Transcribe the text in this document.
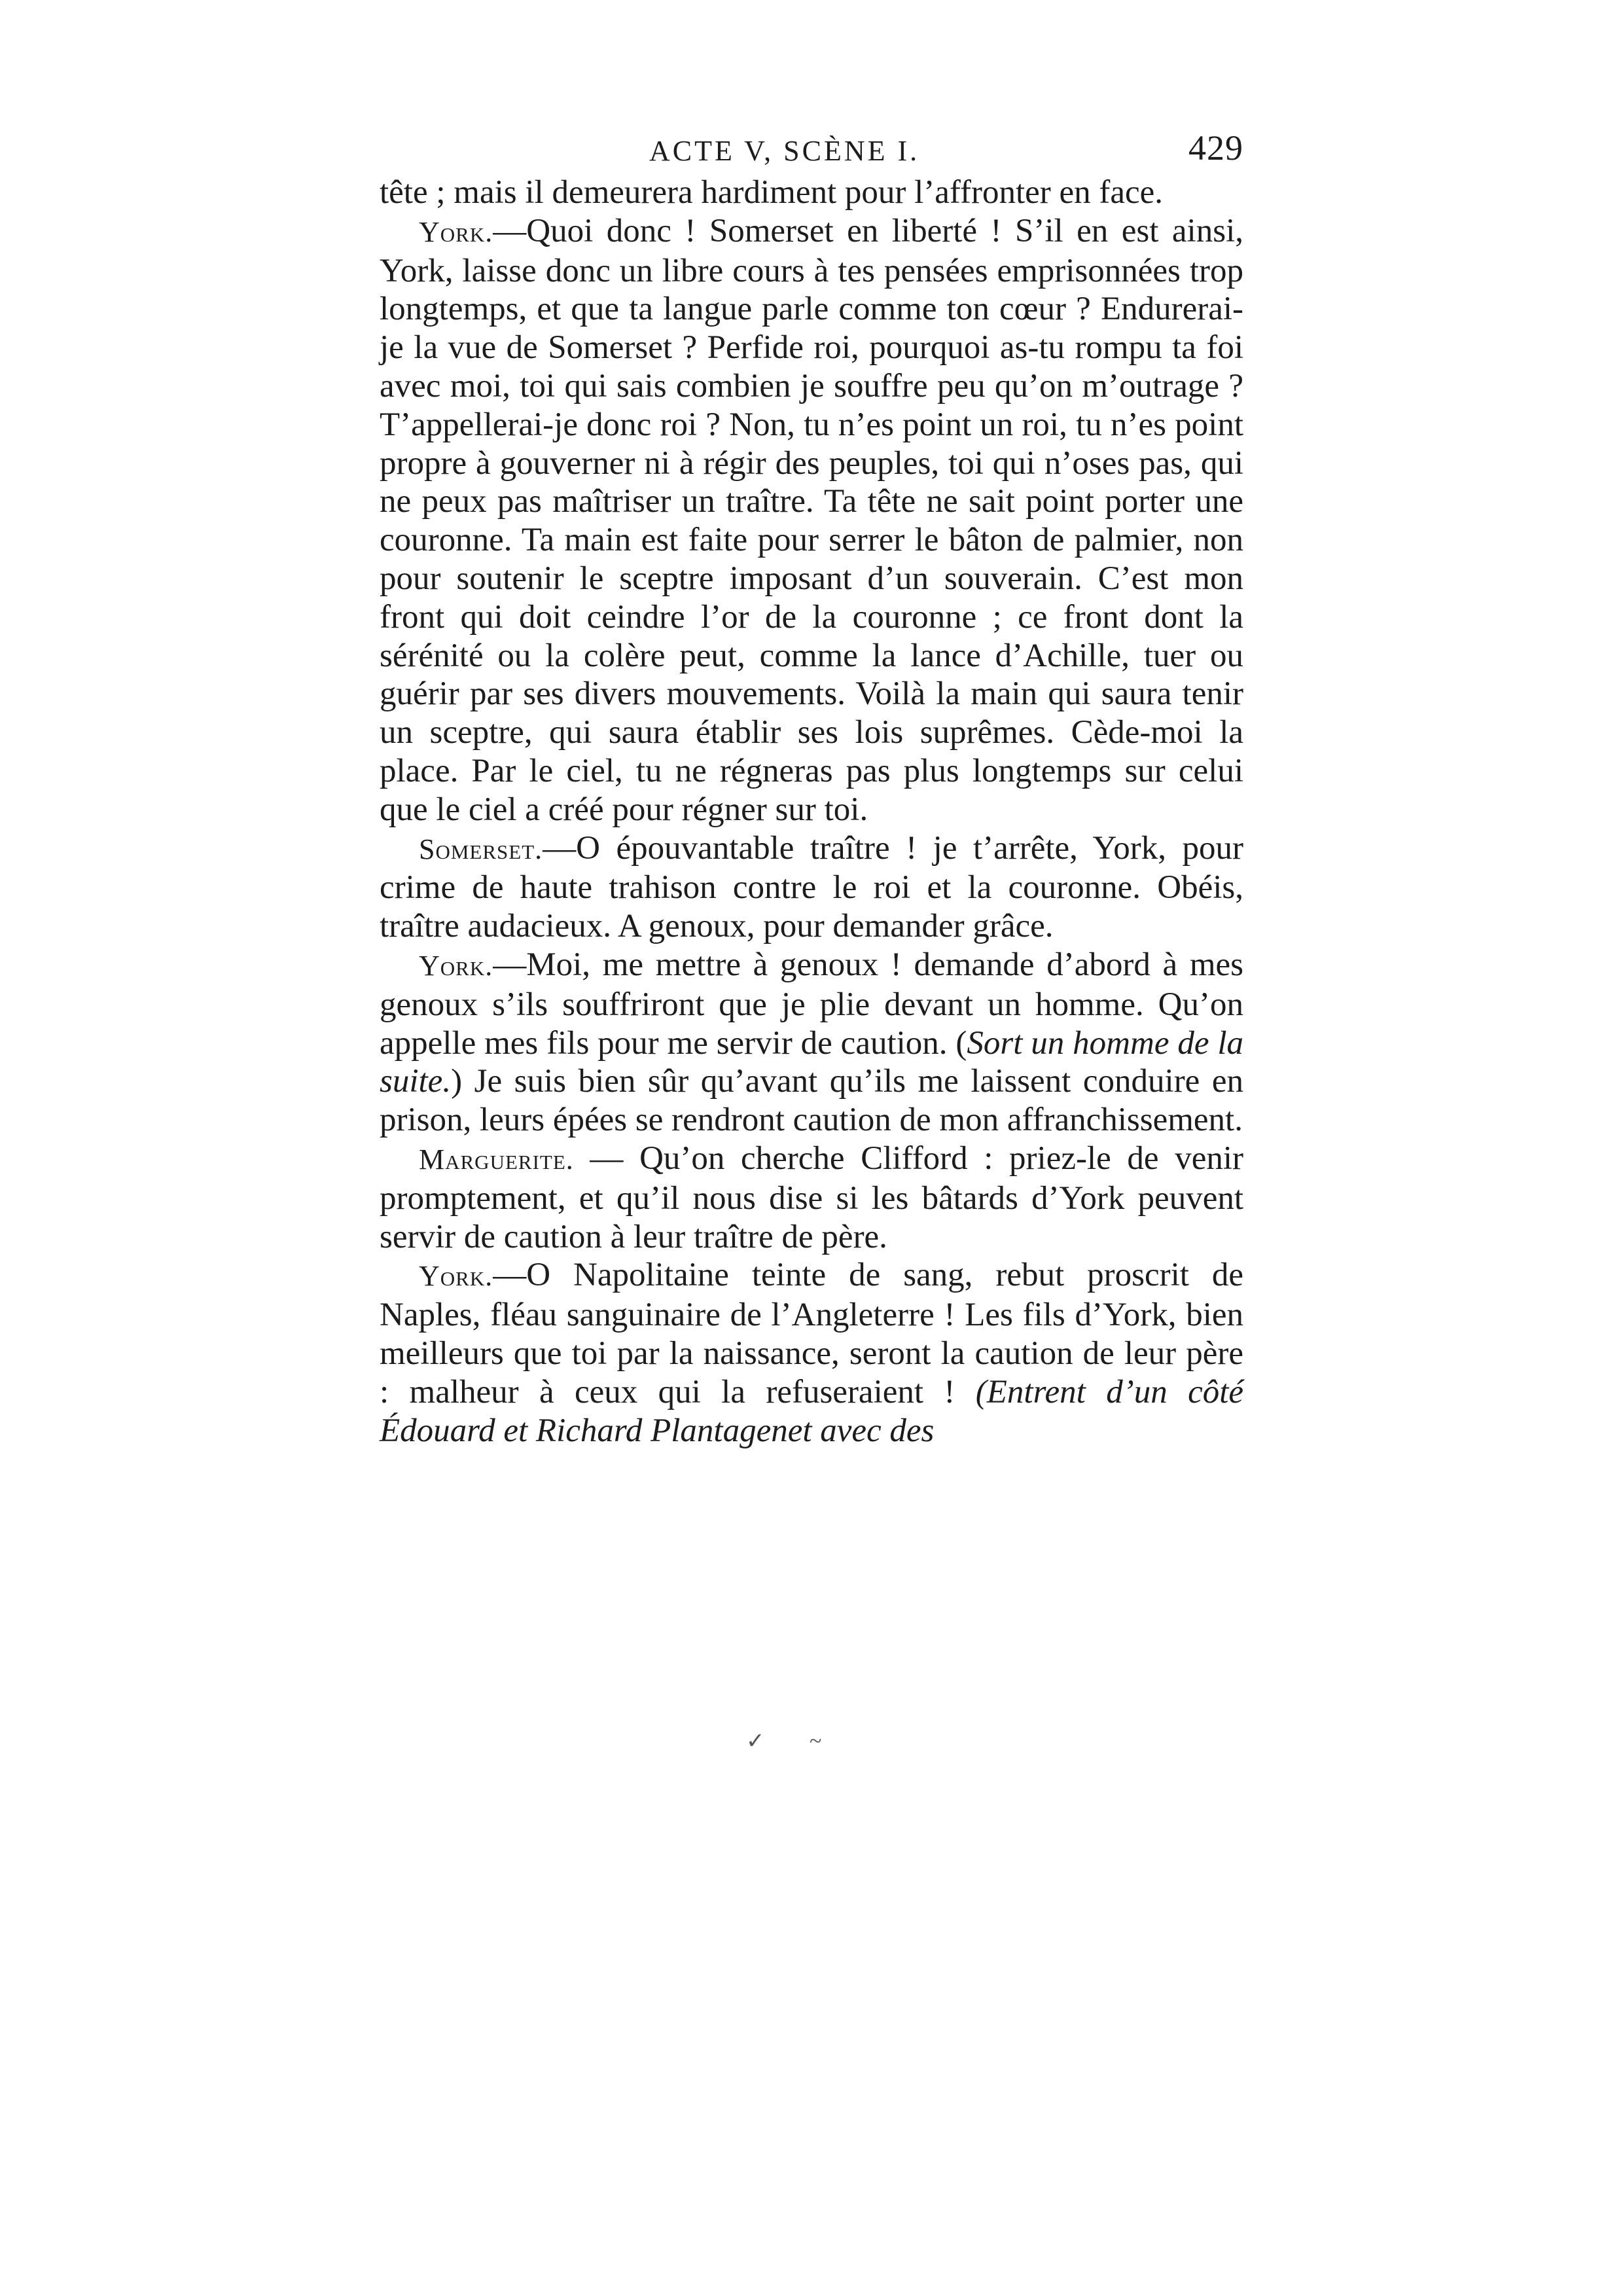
ACTE V, SCÈNE I.	429

tête ; mais il demeurera hardiment pour l’affronter en face.

York.—Quoi donc ! Somerset en liberté ! S’il en est ainsi, York, laisse donc un libre cours à tes pensées emprisonnées trop longtemps, et que ta langue parle comme ton cœur ? Endurerai-je la vue de Somerset ? Perfide roi, pourquoi as-tu rompu ta foi avec moi, toi qui sais combien je souffre peu qu’on m’outrage ? T’appellerai-je donc roi ? Non, tu n’es point un roi, tu n’es point propre à gouverner ni à régir des peuples, toi qui n’oses pas, qui ne peux pas maîtriser un traître. Ta tête ne sait point porter une couronne. Ta main est faite pour serrer le bâton de palmier, non pour soutenir le sceptre imposant d’un souverain. C’est mon front qui doit ceindre l’or de la couronne ; ce front dont la sérénité ou la colère peut, comme la lance d’Achille, tuer ou guérir par ses divers mouvements. Voilà la main qui saura tenir un sceptre, qui saura établir ses lois suprêmes. Cède-moi la place. Par le ciel, tu ne régneras pas plus longtemps sur celui que le ciel a créé pour régner sur toi.

Somerset.—O épouvantable traître ! je t’arrête, York, pour crime de haute trahison contre le roi et la couronne. Obéis, traître audacieux. A genoux, pour demander grâce.

York.—Moi, me mettre à genoux ! demande d’abord à mes genoux s’ils souffriront que je plie devant un homme. Qu’on appelle mes fils pour me servir de caution. (Sort un homme de la suite.) Je suis bien sûr qu’avant qu’ils me laissent conduire en prison, leurs épées se rendront caution de mon affranchissement.

Marguerite. — Qu’on cherche Clifford : priez-le de venir promptement, et qu’il nous dise si les bâtards d’York peuvent servir de caution à leur traître de père.

York.—O Napolitaine teinte de sang, rebut proscrit de Naples, fléau sanguinaire de l’Angleterre ! Les fils d’York, bien meilleurs que toi par la naissance, seront la caution de leur père : malheur à ceux qui la refuseraient ! (Entrent d’un côté Édouard et Richard Plantagenet avec des

✓ ~
